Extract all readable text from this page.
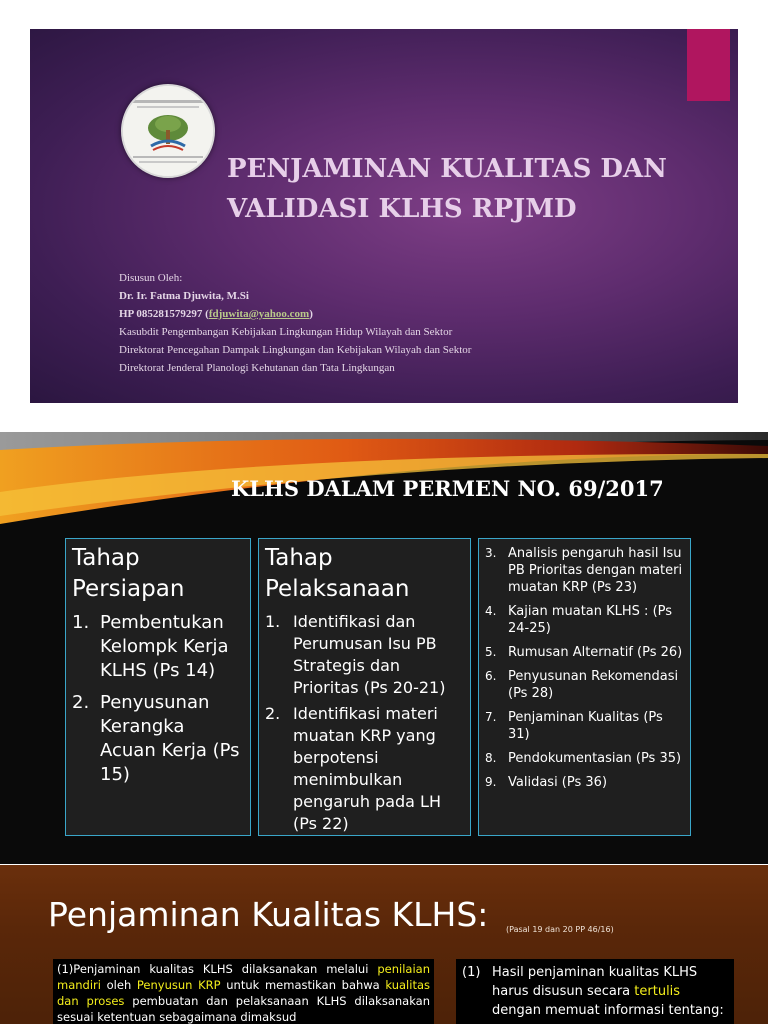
PENJAMINAN KUALITAS DAN
VALIDASI KLHS RPJMD
Disusun Oleh:
Dr. Ir. Fatma Djuwita, M.Si
HP 085281579297 (fdjuwita@yahoo.com)
Kasubdit Pengembangan Kebijakan Lingkungan Hidup Wilayah dan Sektor
Direktorat Pencegahan Dampak Lingkungan dan Kebijakan Wilayah dan Sektor
Direktorat Jenderal Planologi Kehutanan dan Tata Lingkungan
KLHS DALAM PERMEN NO. 69/2017
Tahap Persiapan
1. Pembentukan Kelompk Kerja KLHS (Ps 14)
2. Penyusunan Kerangka Acuan Kerja (Ps 15)
Tahap Pelaksanaan
1. Identifikasi dan Perumusan Isu PB Strategis dan Prioritas (Ps 20-21)
2. Identifikasi materi muatan KRP yang berpotensi menimbulkan pengaruh pada LH (Ps 22)
3. Analisis pengaruh hasil Isu PB Prioritas dengan materi muatan KRP (Ps 23)
4. Kajian muatan KLHS : (Ps 24-25)
5. Rumusan Alternatif (Ps 26)
6. Penyusunan Rekomendasi (Ps 28)
7. Penjaminan Kualitas (Ps 31)
8. Pendokumentasian (Ps 35)
9. Validasi (Ps 36)
Penjaminan Kualitas KLHS: (Pasal 19 dan 20 PP 46/16)
(1)Penjaminan kualitas KLHS dilaksanakan melalui penilaian mandiri oleh Penyusun KRP untuk memastikan bahwa kualitas dan proses pembuatan dan pelaksanaan KLHS dilaksanakan sesuai ketentuan sebagaimana dimaksud
(1) Hasil penjaminan kualitas KLHS harus disusun secara tertulis dengan memuat informasi tentang:
